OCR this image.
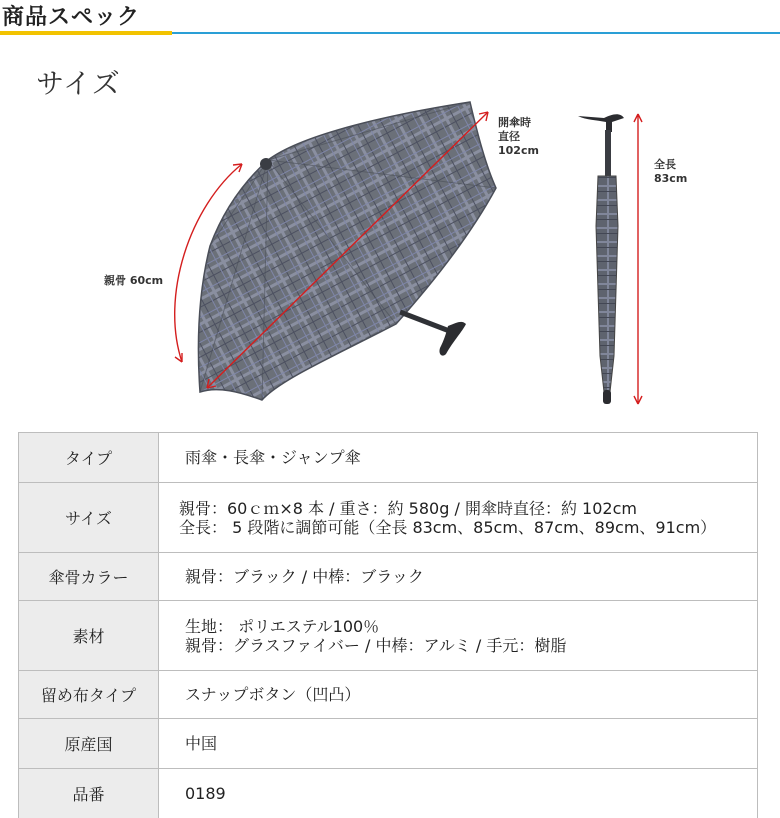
商品スペック
サイズ
開傘時
直径
102cm
親骨 60cm
全長
83cm
タイプ	雨傘・長傘・ジャンプ傘

サイズ	親骨：60ｃｍ×8 本 / 重さ：約 580g / 開傘時直径：約 102cm
全長： 5 段階に調節可能（全長 83cm、85cm、87cm、89cm、91cm）

傘骨カラー	親骨：ブラック / 中棒：ブラック

素材	生地： ポリエステル100％
親骨：グラスファイバー / 中棒：アルミ / 手元：樹脂

留め布タイプ	スナップボタン（凹凸）

原産国	中国

品番	0189
